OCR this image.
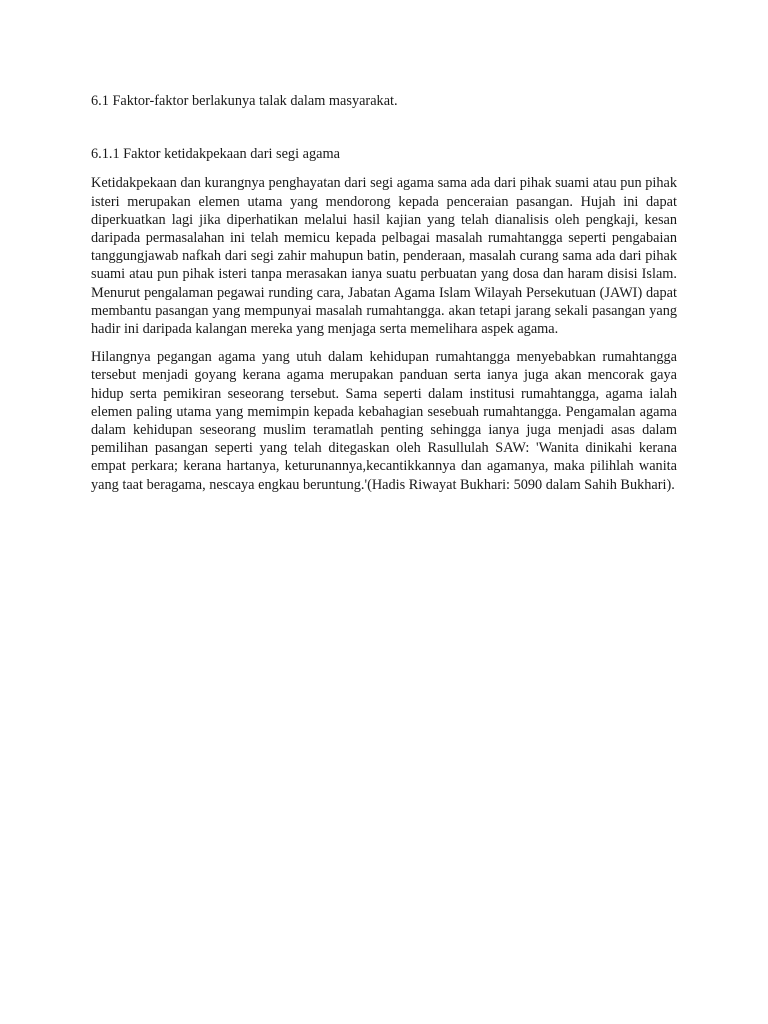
6.1 Faktor-faktor berlakunya talak dalam masyarakat.

6.1.1 Faktor ketidakpekaan dari segi agama

Ketidakpekaan dan kurangnya penghayatan dari segi agama sama ada dari pihak suami atau pun pihak isteri merupakan elemen utama yang mendorong kepada penceraian pasangan. Hujah ini dapat diperkuatkan lagi jika diperhatikan melalui hasil kajian yang telah dianalisis oleh pengkaji, kesan daripada permasalahan ini telah memicu kepada pelbagai masalah rumahtangga seperti pengabaian tanggungjawab nafkah dari segi zahir mahupun batin, penderaan, masalah curang sama ada dari pihak suami atau pun pihak isteri tanpa merasakan ianya suatu perbuatan yang dosa dan haram disisi Islam. Menurut pengalaman pegawai runding cara, Jabatan Agama Islam Wilayah Persekutuan (JAWI) dapat membantu pasangan yang mempunyai masalah rumahtangga. akan tetapi jarang sekali pasangan yang hadir ini daripada kalangan mereka yang menjaga serta memelihara aspek agama.

Hilangnya pegangan agama yang utuh dalam kehidupan rumahtangga menyebabkan rumahtangga tersebut menjadi goyang kerana agama merupakan panduan serta ianya juga akan mencorak gaya hidup serta pemikiran seseorang tersebut. Sama seperti dalam institusi rumahtangga, agama ialah elemen paling utama yang memimpin kepada kebahagian sesebuah rumahtangga. Pengamalan agama dalam kehidupan seseorang muslim teramatlah penting sehingga ianya juga menjadi asas dalam pemilihan pasangan seperti yang telah ditegaskan oleh Rasullulah SAW: 'Wanita dinikahi kerana empat perkara; kerana hartanya, keturunannya,kecantikkannya dan agamanya, maka pilihlah wanita yang taat beragama, nescaya engkau beruntung.'(Hadis Riwayat Bukhari: 5090 dalam Sahih Bukhari).
